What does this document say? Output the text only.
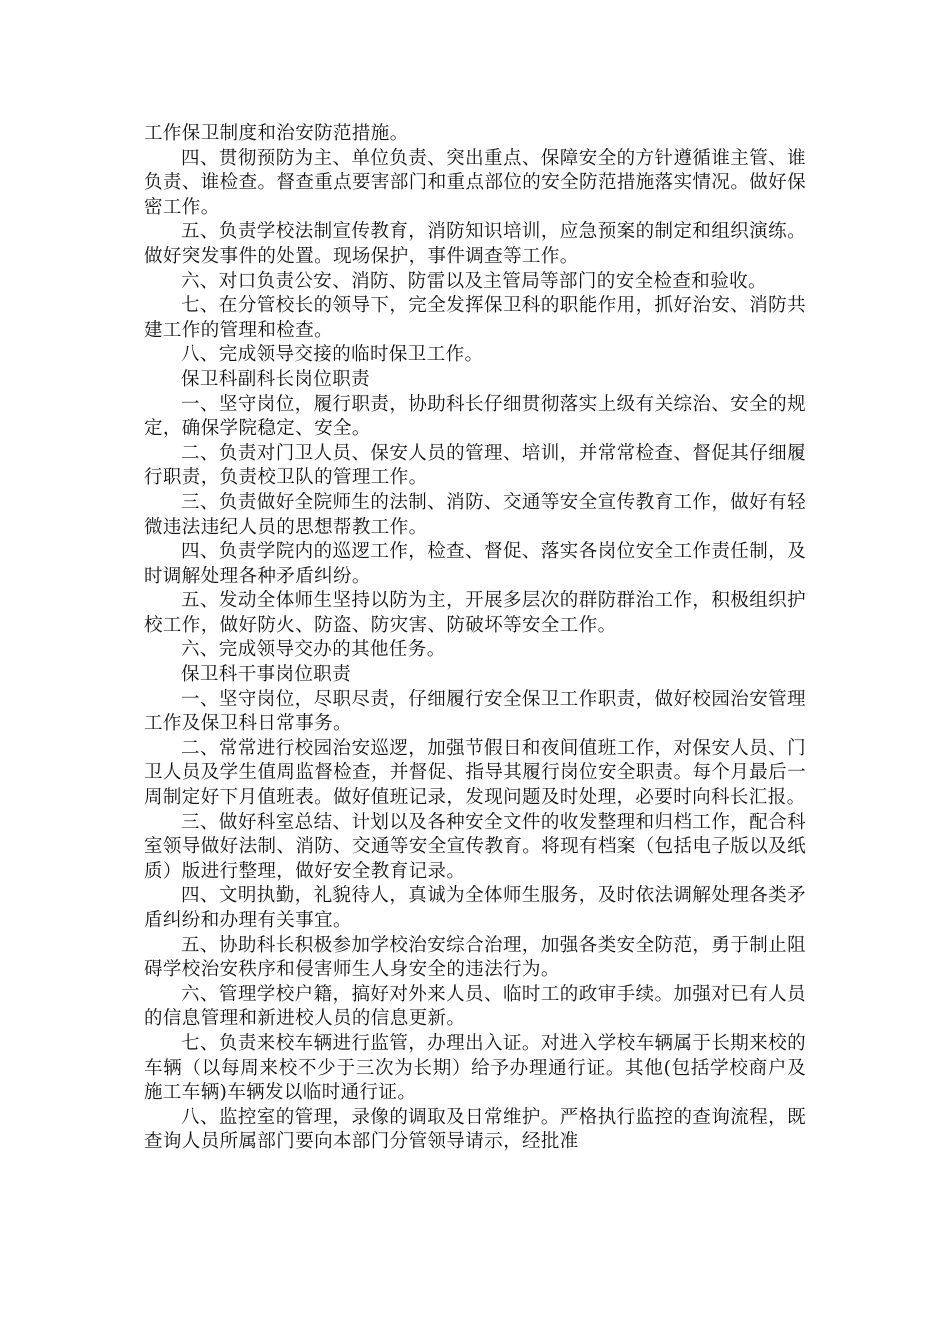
工作保卫制度和治安防范措施。

四、贯彻预防为主、单位负责、突出重点、保障安全的方针遵循谁主管、谁负责、谁检查。督查重点要害部门和重点部位的安全防范措施落实情况。做好保密工作。

五、负责学校法制宣传教育，消防知识培训，应急预案的制定和组织演练。做好突发事件的处置。现场保护，事件调查等工作。

六、对口负责公安、消防、防雷以及主管局等部门的安全检查和验收。

七、在分管校长的领导下，完全发挥保卫科的职能作用，抓好治安、消防共建工作的管理和检查。

八、完成领导交接的临时保卫工作。

保卫科副科长岗位职责

一、坚守岗位，履行职责，协助科长仔细贯彻落实上级有关综治、安全的规定，确保学院稳定、安全。

二、负责对门卫人员、保安人员的管理、培训，并常常检查、督促其仔细履行职责，负责校卫队的管理工作。

三、负责做好全院师生的法制、消防、交通等安全宣传教育工作，做好有轻微违法违纪人员的思想帮教工作。

四、负责学院内的巡逻工作，检查、督促、落实各岗位安全工作责任制，及时调解处理各种矛盾纠纷。

五、发动全体师生坚持以防为主，开展多层次的群防群治工作，积极组织护校工作，做好防火、防盗、防灾害、防破坏等安全工作。

六、完成领导交办的其他任务。

保卫科干事岗位职责

一、坚守岗位，尽职尽责，仔细履行安全保卫工作职责，做好校园治安管理工作及保卫科日常事务。

二、常常进行校园治安巡逻，加强节假日和夜间值班工作，对保安人员、门卫人员及学生值周监督检查，并督促、指导其履行岗位安全职责。每个月最后一周制定好下月值班表。做好值班记录，发现问题及时处理，必要时向科长汇报。

三、做好科室总结、计划以及各种安全文件的收发整理和归档工作，配合科室领导做好法制、消防、交通等安全宣传教育。将现有档案（包括电子版以及纸质）版进行整理，做好安全教育记录。

四、文明执勤，礼貌待人，真诚为全体师生服务，及时依法调解处理各类矛盾纠纷和办理有关事宜。

五、协助科长积极参加学校治安综合治理，加强各类安全防范，勇于制止阻碍学校治安秩序和侵害师生人身安全的违法行为。

六、管理学校户籍，搞好对外来人员、临时工的政审手续。加强对已有人员的信息管理和新进校人员的信息更新。

七、负责来校车辆进行监管，办理出入证。对进入学校车辆属于长期来校的车辆（以每周来校不少于三次为长期）给予办理通行证。其他(包括学校商户及施工车辆)车辆发以临时通行证。

八、监控室的管理，录像的调取及日常维护。严格执行监控的查询流程，既查询人员所属部门要向本部门分管领导请示，经批准
